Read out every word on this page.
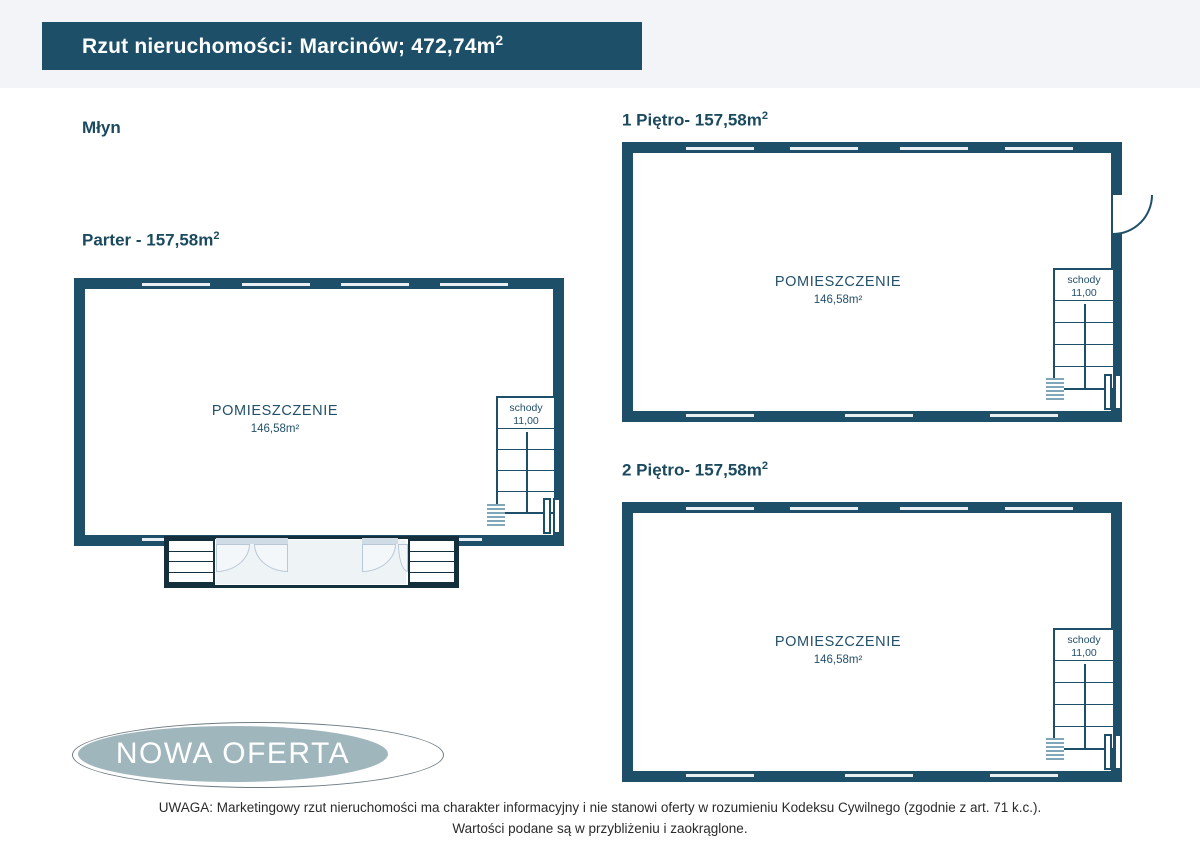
Rzut nieruchomości: Marcinów; $472,74m^2$
Młyn
Parter - $157,58m^2$
POMIESZCZENIE
146,58m²
schody
11,00
1 Piętro- $157,58m^2$
POMIESZCZENIE
146,58m²
schody
11,00
2 Piętro- $157,58m^2$
POMIESZCZENIE
146,58m²
schody
11,00
NOWA OFERTA
UWAGA: Marketingowy rzut nieruchomości ma charakter informacyjny i nie stanowi oferty w rozumieniu Kodeksu Cywilnego (zgodnie z art. 71 k.c.).
Wartości podane są w przybliżeniu i zaokrąglone.
